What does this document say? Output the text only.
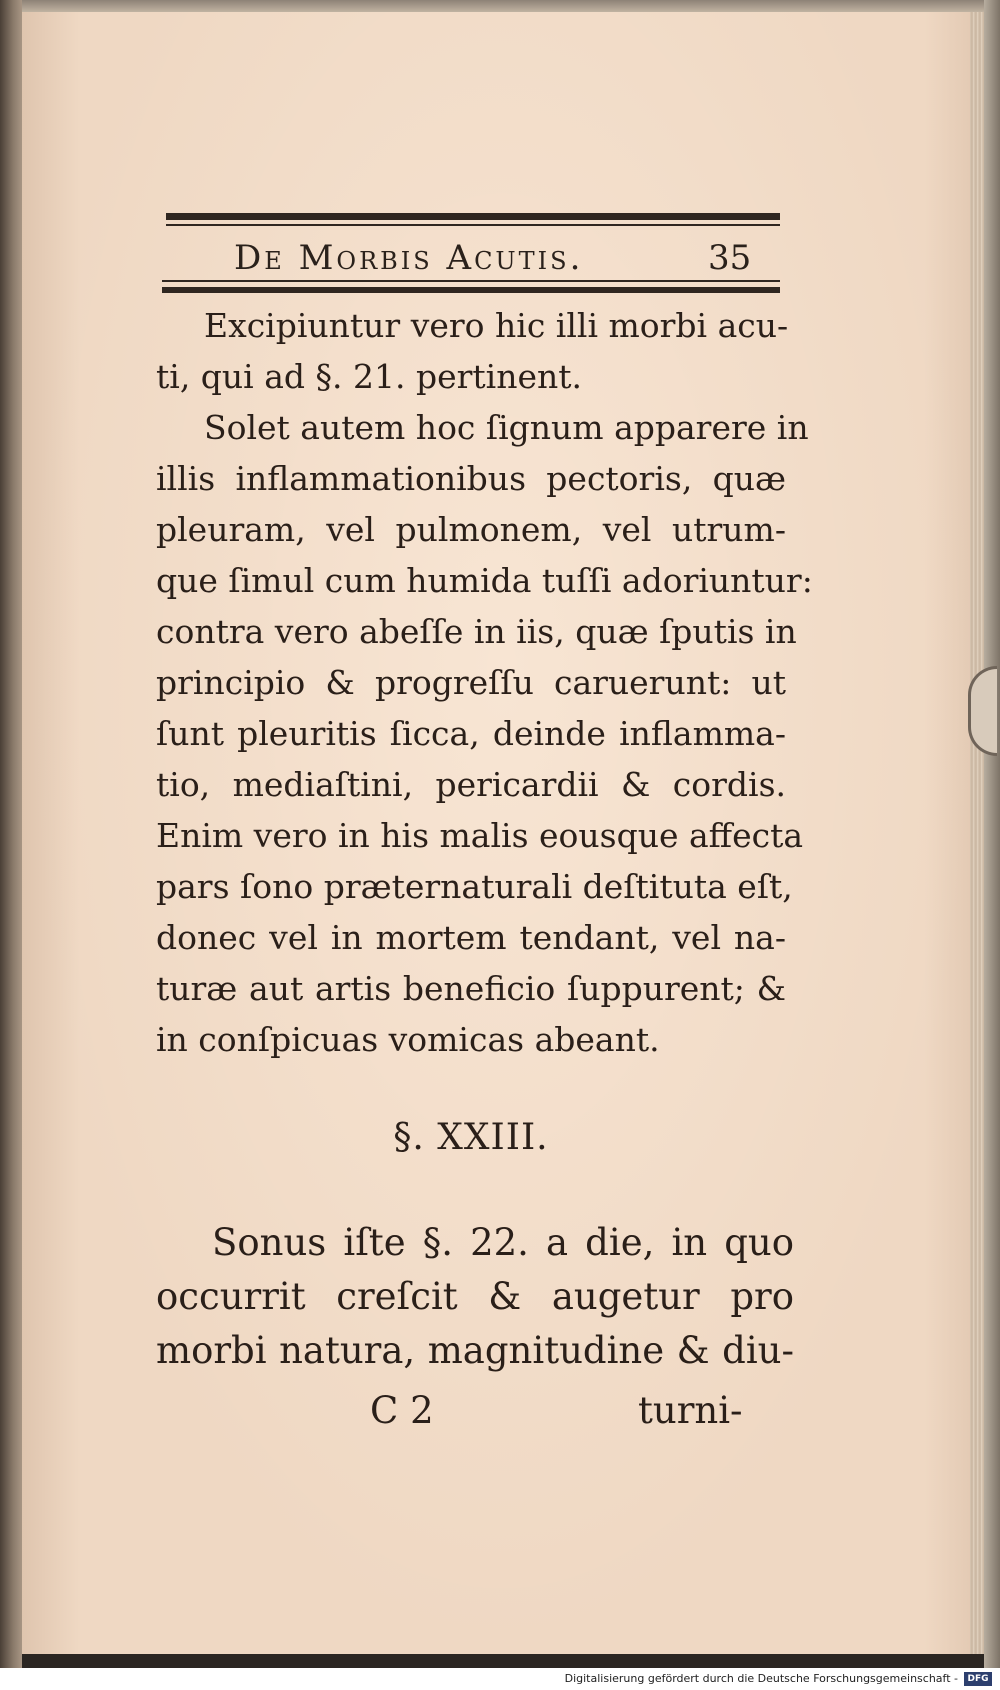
De Morbis Acutis.	35
Excipiuntur vero hic illi morbi acu-
ti, qui ad §. 21. pertinent.
Solet autem hoc ſignum apparere in
illis inflammationibus pectoris, quæ
pleuram, vel pulmonem, vel utrum-
que ſimul cum humida tuſſi adoriuntur:
contra vero abeſſe in iis, quæ ſputis in
principio & progreſſu caruerunt: ut
ſunt pleuritis ſicca, deinde inflamma-
tio, mediaſtini, pericardii & cordis.
Enim vero in his malis eousque affecta
pars ſono præternaturali deſtituta eſt,
donec vel in mortem tendant, vel na-
turæ aut artis beneficio ſuppurent; &
in conſpicuas vomicas abeant.
§. XXIII.
Sonus iſte §. 22. a die, in quo
occurrit creſcit & augetur pro
morbi natura, magnitudine & diu-
C 2	turni-
Digitalisierung gefördert durch die Deutsche Forschungsgemeinschaft -	DFG
